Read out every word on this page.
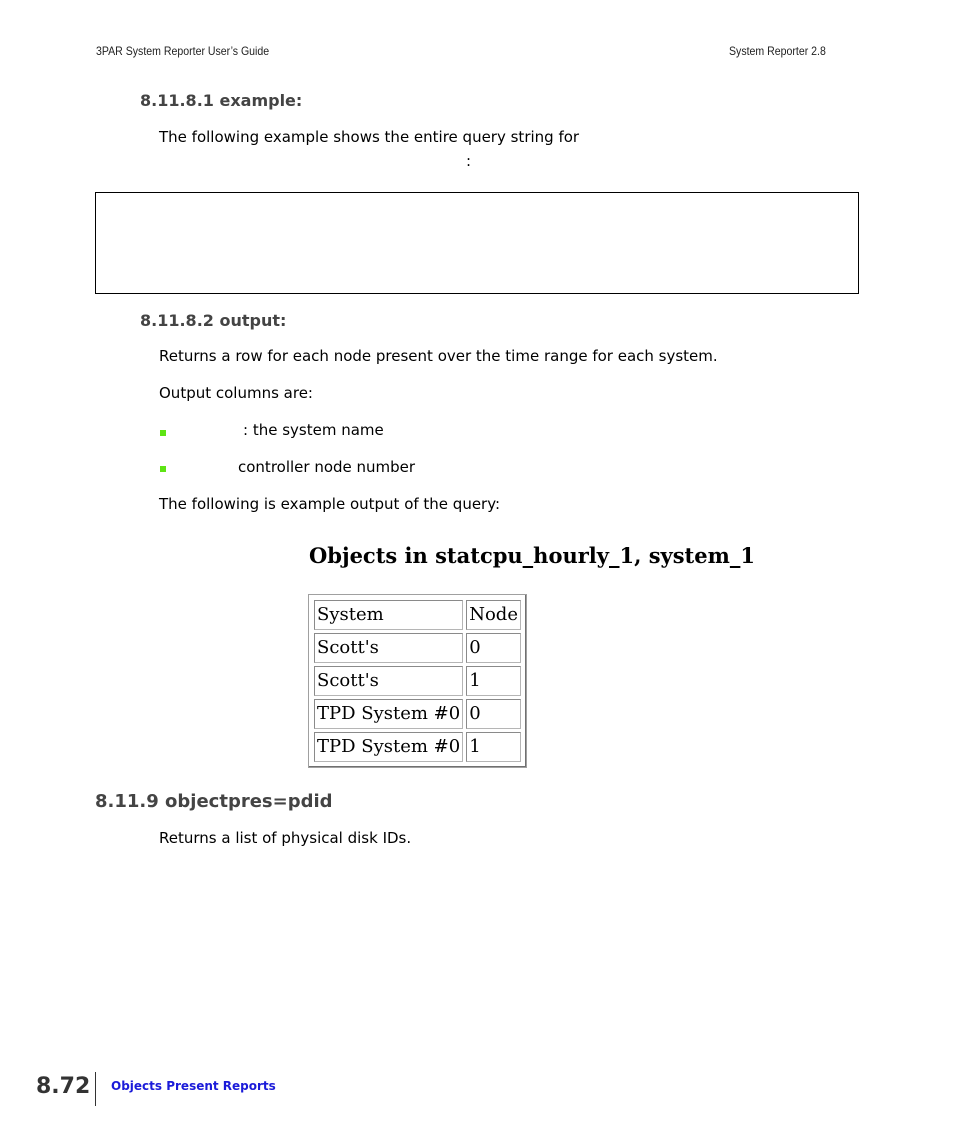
3PAR System Reporter User’s Guide	System Reporter 2.8
8.11.8.1 example:
The following example shows the entire query string for
:
8.11.8.2 output:
Returns a row for each node present over the time range for each system.
Output columns are:
: the system name
controller node number
The following is example output of the query:
Objects in statcpu_hourly_1, system_1
System	Node
Scott's	0
Scott's	1
TPD System #0	0
TPD System #0	1
8.11.9 objectpres=pdid
Returns a list of physical disk IDs.
8.72 Objects Present Reports
